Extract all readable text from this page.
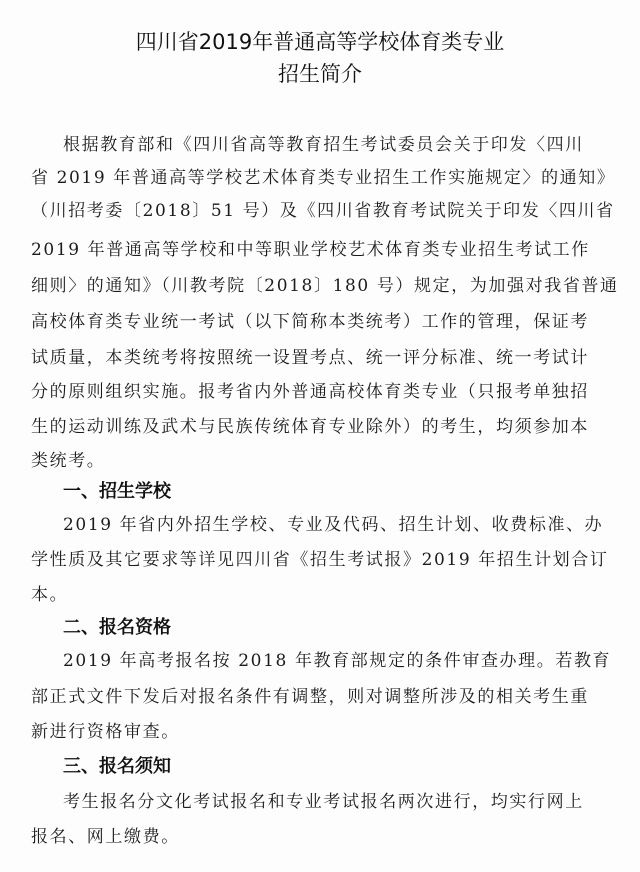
四川省2019年普通高等学校体育类专业
招生简介
根据教育部和《四川省高等教育招生考试委员会关于印发〈四川
省 2019 年普通高等学校艺术体育类专业招生工作实施规定〉的通知》
（川招考委〔2018〕51 号）及《四川省教育考试院关于印发〈四川省
2019 年普通高等学校和中等职业学校艺术体育类专业招生考试工作
细则〉的通知》（川教考院〔2018〕180 号）规定，为加强对我省普通
高校体育类专业统一考试（以下简称本类统考）工作的管理，保证考
试质量，本类统考将按照统一设置考点、统一评分标准、统一考试计
分的原则组织实施。报考省内外普通高校体育类专业（只报考单独招
生的运动训练及武术与民族传统体育专业除外）的考生，均须参加本
类统考。
一、招生学校
2019 年省内外招生学校、专业及代码、招生计划、收费标准、办
学性质及其它要求等详见四川省《招生考试报》2019 年招生计划合订
本。
二、报名资格
2019 年高考报名按 2018 年教育部规定的条件审查办理。若教育
部正式文件下发后对报名条件有调整，则对调整所涉及的相关考生重
新进行资格审查。
三、报名须知
考生报名分文化考试报名和专业考试报名两次进行，均实行网上
报名、网上缴费。
